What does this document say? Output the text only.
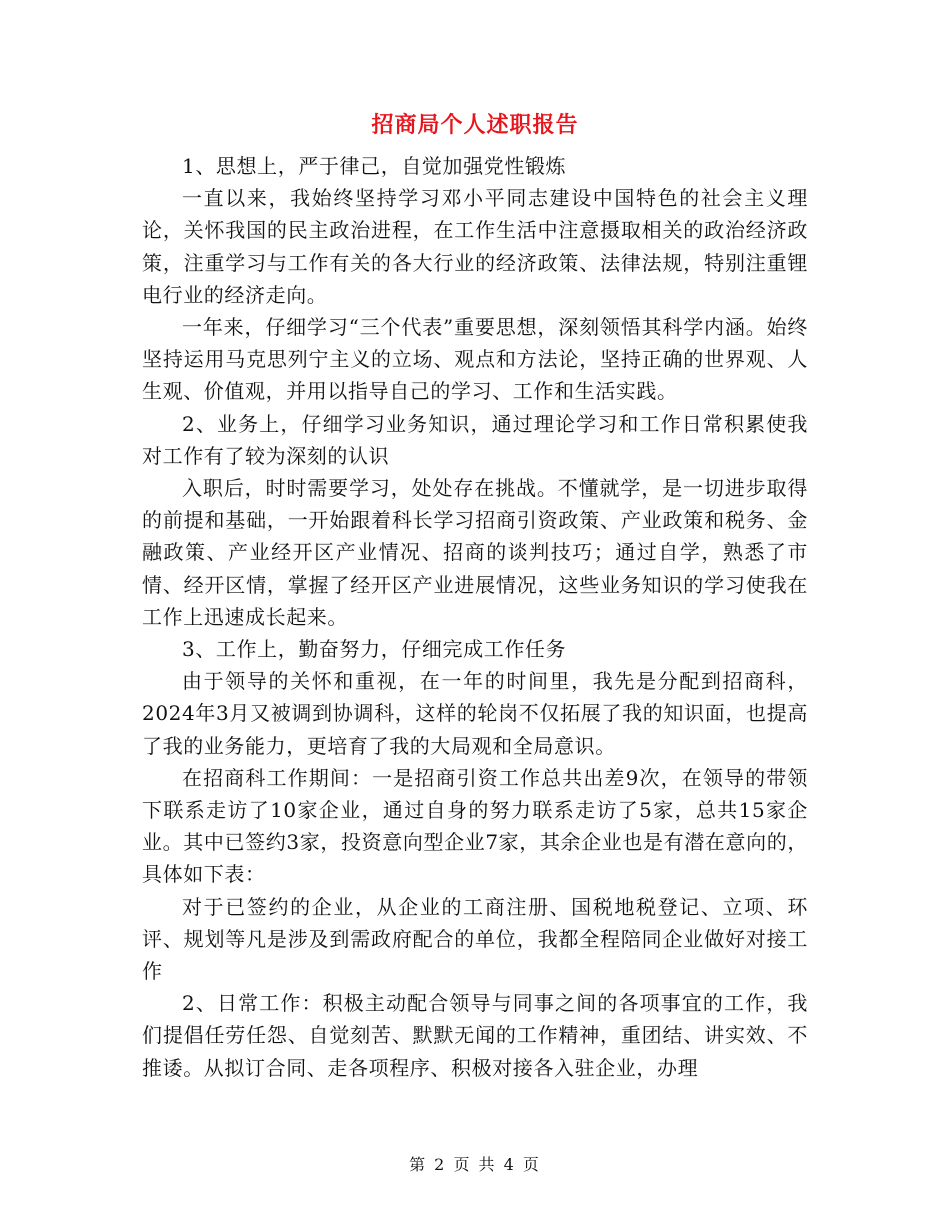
招商局个人述职报告

1、思想上，严于律己，自觉加强党性锻炼

一直以来，我始终坚持学习邓小平同志建设中国特色的社会主义理论，关怀我国的民主政治进程，在工作生活中注意摄取相关的政治经济政策，注重学习与工作有关的各大行业的经济政策、法律法规，特别注重锂电行业的经济走向。

一年来，仔细学习“三个代表”重要思想，深刻领悟其科学内涵。始终坚持运用马克思列宁主义的立场、观点和方法论，坚持正确的世界观、人生观、价值观，并用以指导自己的学习、工作和生活实践。

2、业务上，仔细学习业务知识，通过理论学习和工作日常积累使我对工作有了较为深刻的认识

入职后，时时需要学习，处处存在挑战。不懂就学，是一切进步取得的前提和基础，一开始跟着科长学习招商引资政策、产业政策和税务、金融政策、产业经开区产业情况、招商的谈判技巧；通过自学，熟悉了市情、经开区情，掌握了经开区产业进展情况，这些业务知识的学习使我在工作上迅速成长起来。

3、工作上，勤奋努力，仔细完成工作任务

由于领导的关怀和重视，在一年的时间里，我先是分配到招商科，2024年3月又被调到协调科，这样的轮岗不仅拓展了我的知识面，也提高了我的业务能力，更培育了我的大局观和全局意识。

在招商科工作期间：一是招商引资工作总共出差9次，在领导的带领下联系走访了10家企业，通过自身的努力联系走访了5家，总共15家企业。其中已签约3家，投资意向型企业7家，其余企业也是有潜在意向的，具体如下表：

对于已签约的企业，从企业的工商注册、国税地税登记、立项、环评、规划等凡是涉及到需政府配合的单位，我都全程陪同企业做好对接工作

2、日常工作：积极主动配合领导与同事之间的各项事宜的工作，我们提倡任劳任怨、自觉刻苦、默默无闻的工作精神，重团结、讲实效、不推诿。从拟订合同、走各项程序、积极对接各入驻企业，办理

第 2 页 共 4 页
